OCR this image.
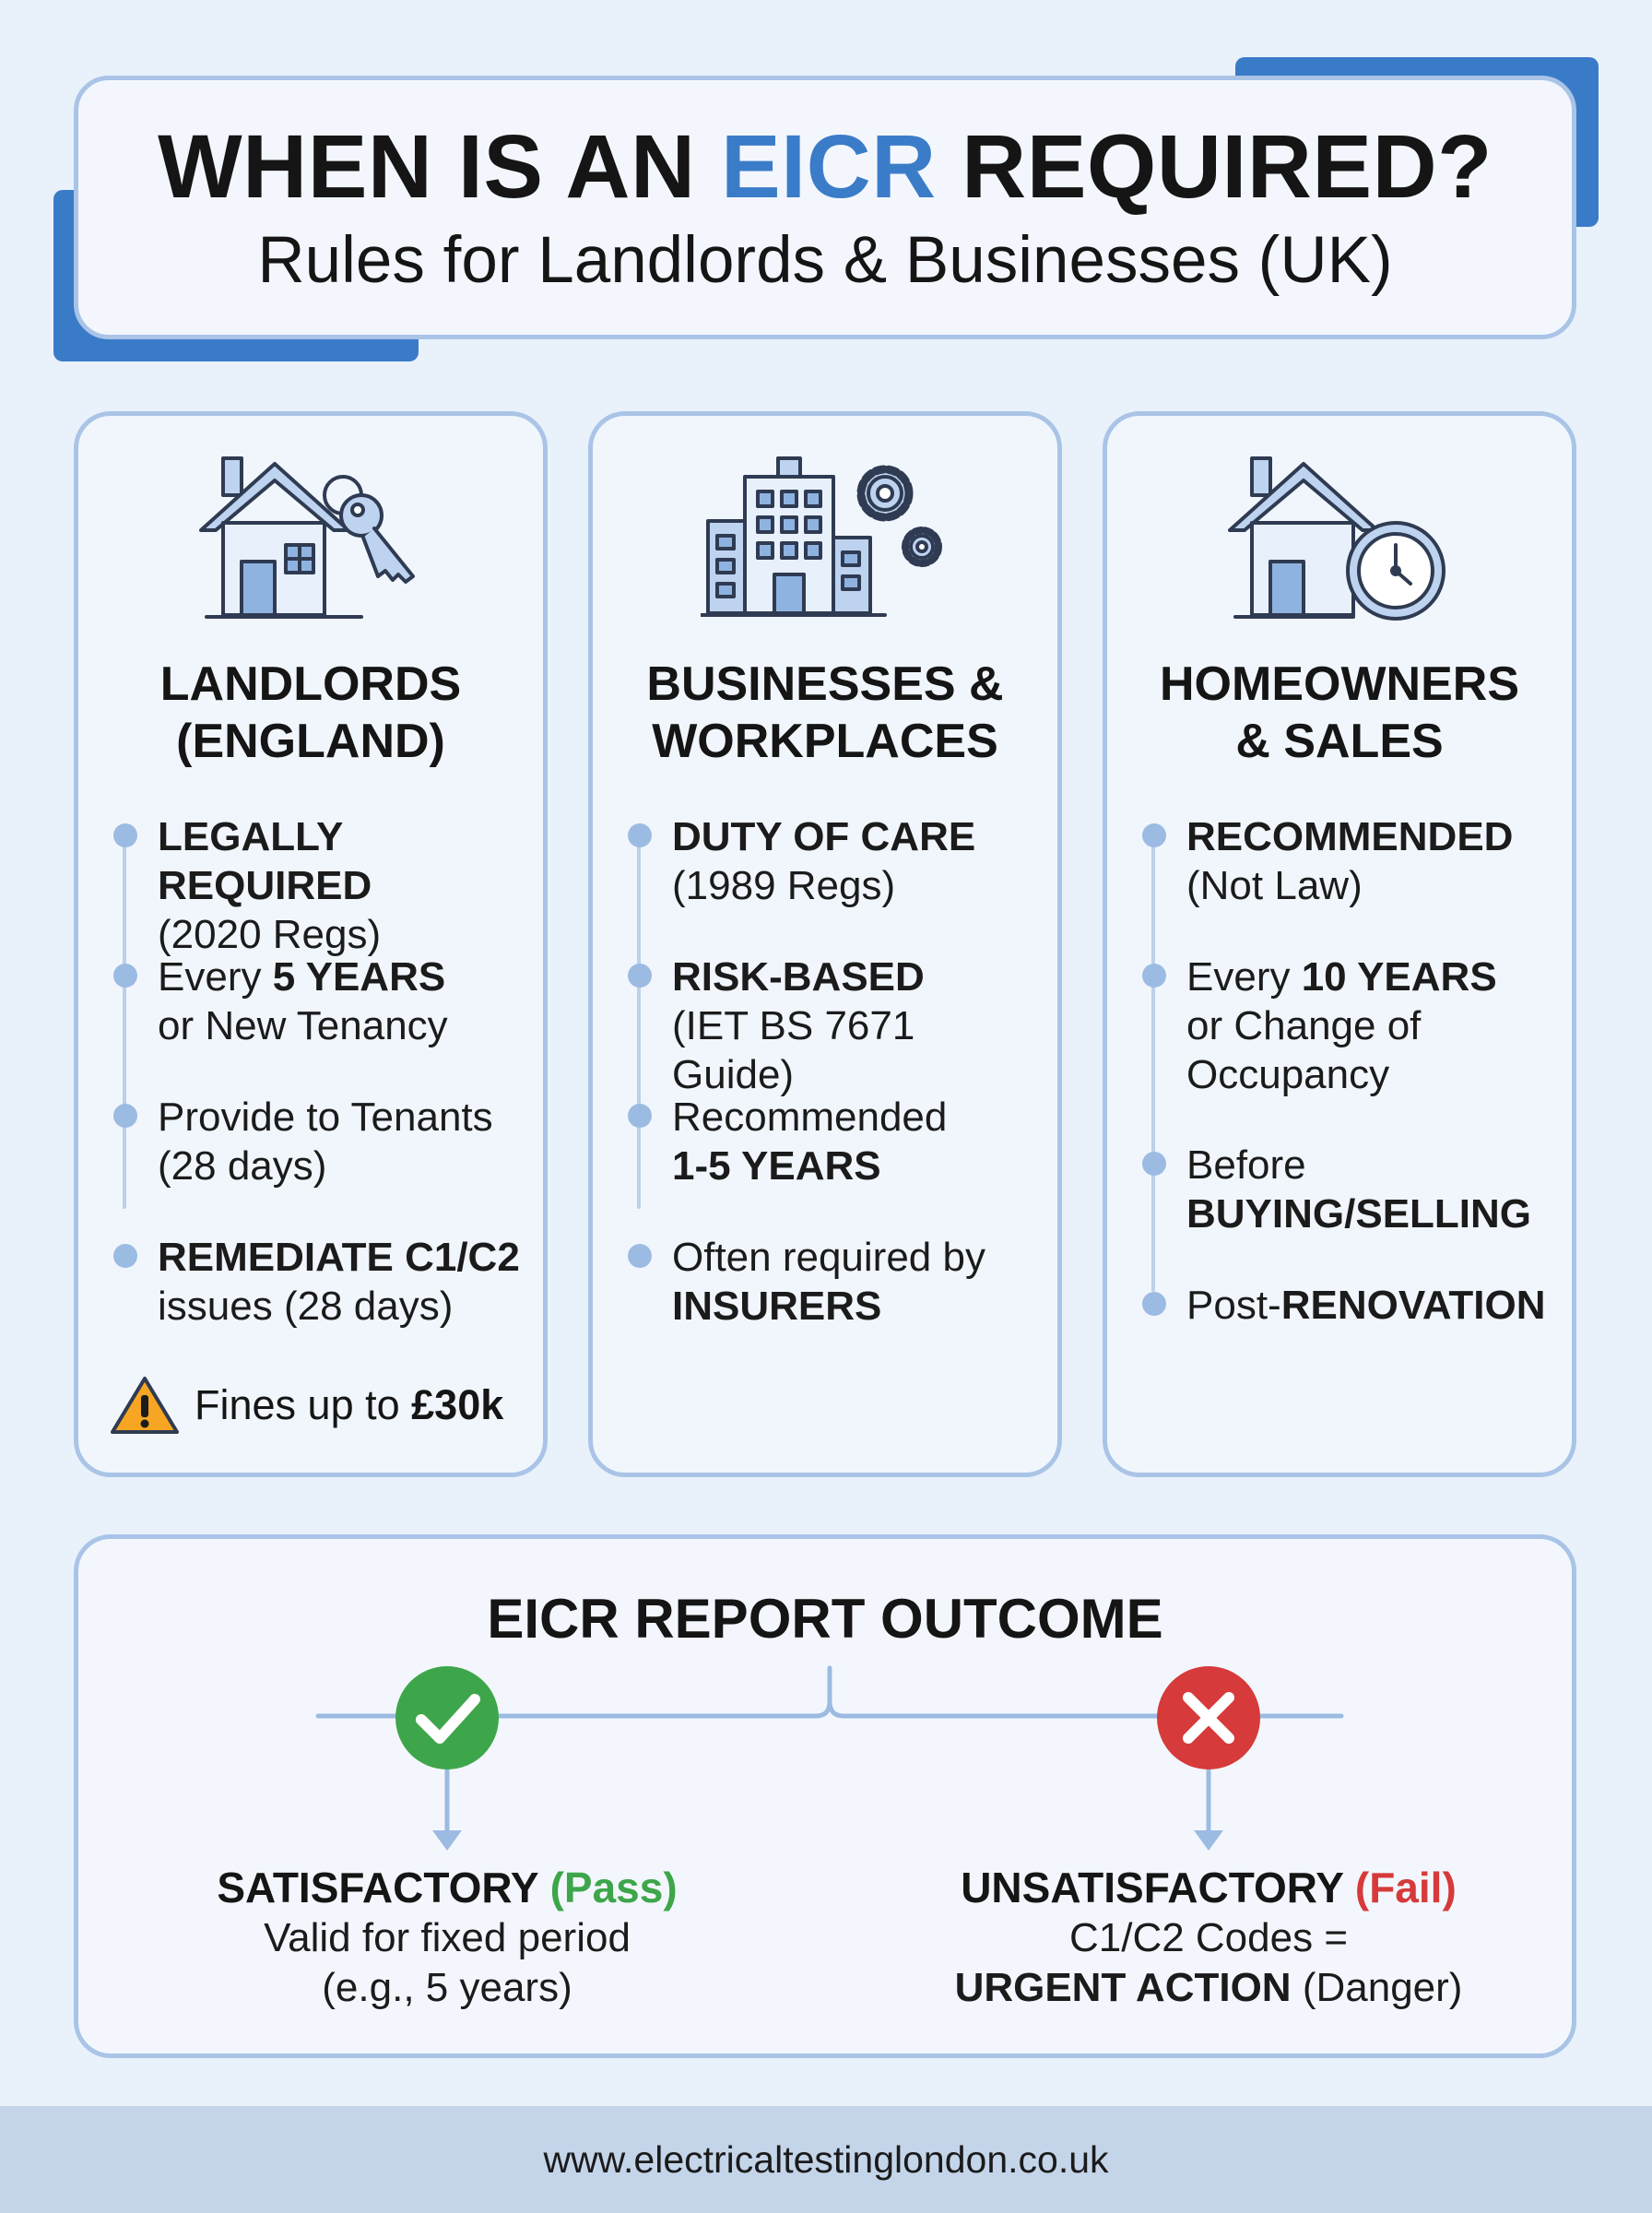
WHEN IS AN EICR REQUIRED?
Rules for Landlords & Businesses (UK)
LANDLORDS
(ENGLAND)
LEGALLY REQUIRED
(2020 Regs)
Every 5 YEARS
or New Tenancy
Provide to Tenants
(28 days)
REMEDIATE C1/C2
issues (28 days)
Fines up to £30k
BUSINESSES &
WORKPLACES
DUTY OF CARE
(1989 Regs)
RISK-BASED
(IET BS 7671 Guide)
Recommended
1-5 YEARS
Often required by
INSURERS
HOMEOWNERS
& SALES
RECOMMENDED
(Not Law)
Every 10 YEARS
or Change of
Occupancy
Before
BUYING/SELLING
Post-RENOVATION
EICR REPORT OUTCOME
SATISFACTORY (Pass)
Valid for fixed period
(e.g., 5 years)
UNSATISFACTORY (Fail)
C1/C2 Codes =
URGENT ACTION (Danger)
www.electricaltestinglondon.co.uk
